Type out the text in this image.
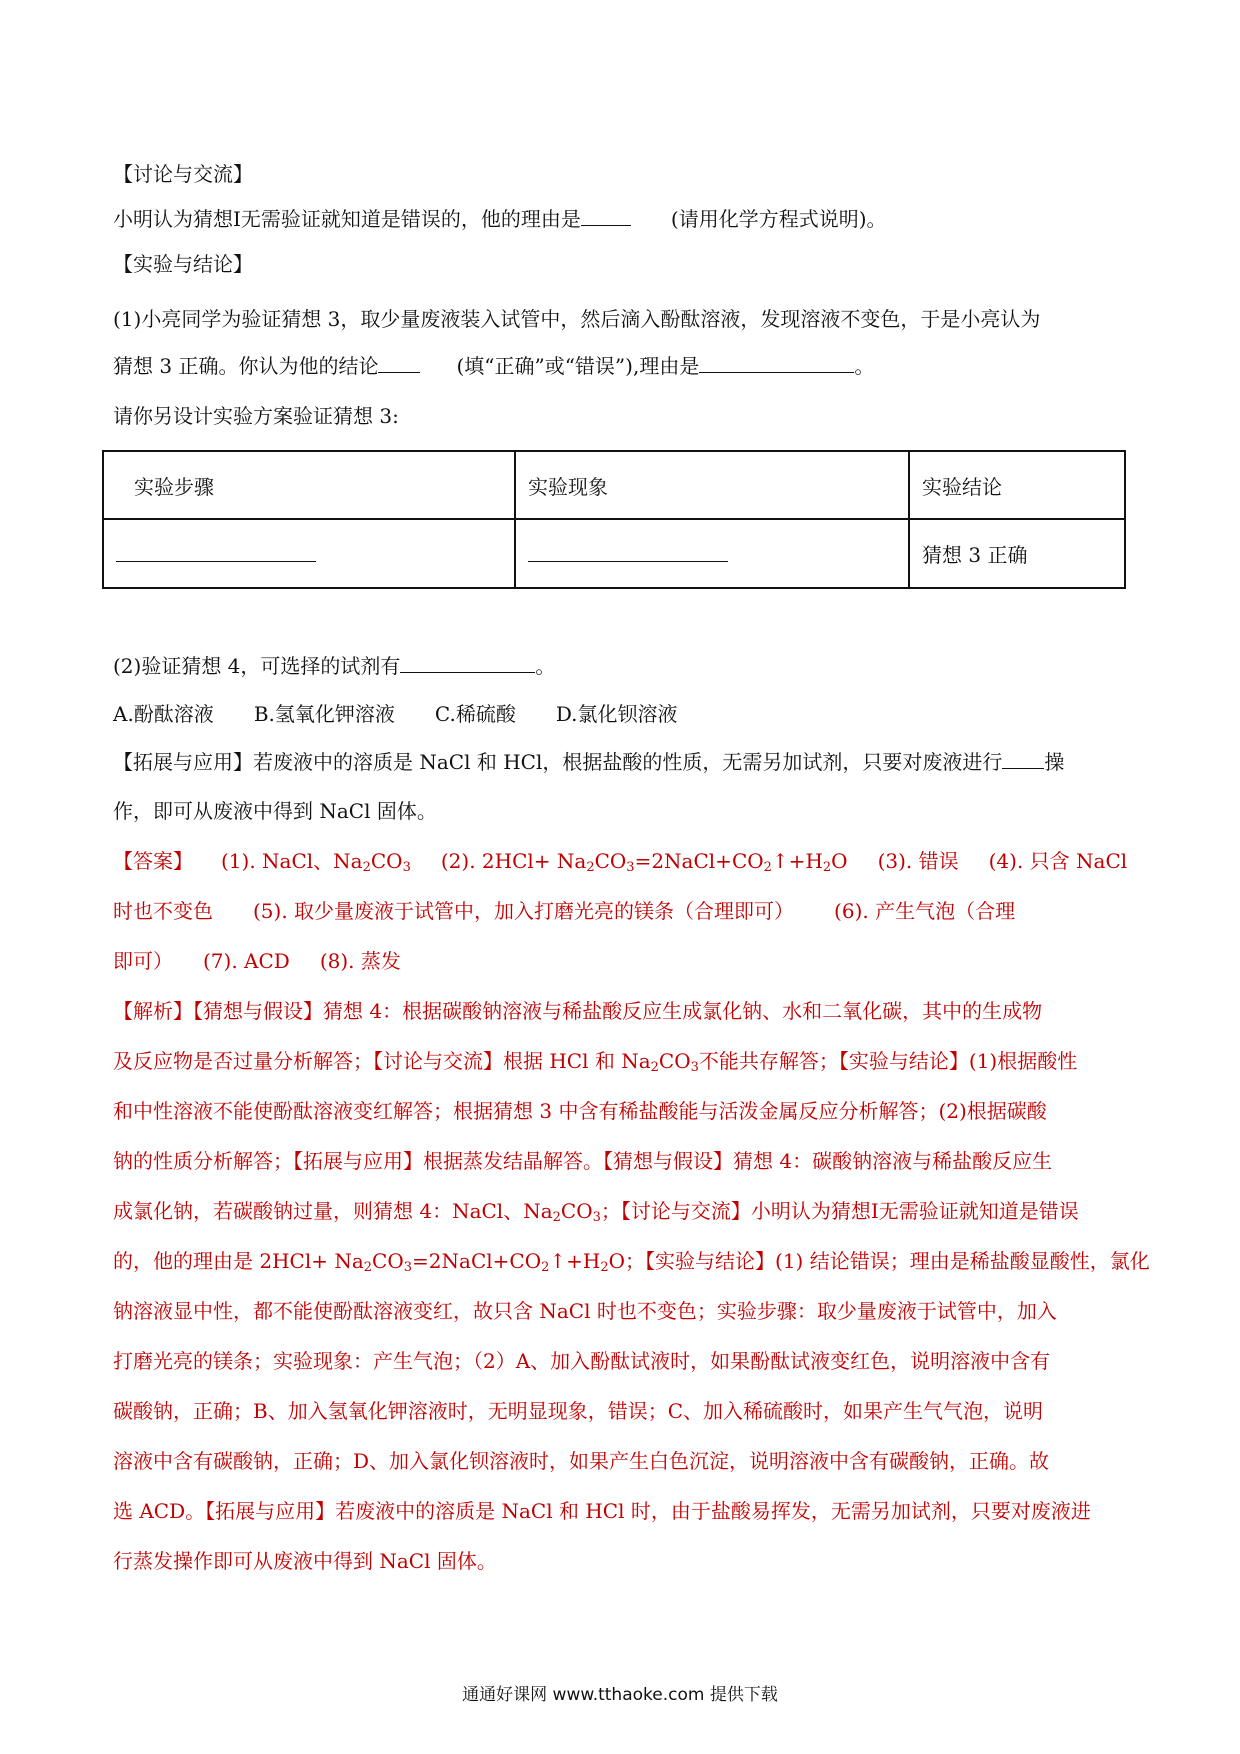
【讨论与交流】
小明认为猜想Ⅰ无需验证就知道是错误的，他的理由是	(请用化学方程式说明)。
【实验与结论】
(1)小亮同学为验证猜想 3，取少量废液装入试管中，然后滴入酚酞溶液，发现溶液不变色，于是小亮认为
猜想 3 正确。你认为他的结论	(填“正确”或“错误”),理由是	。
请你另设计实验方案验证猜想 3:
实验步骤	实验现象	实验结论
		猜想 3 正确
(2)验证猜想 4，可选择的试剂有	。
A.酚酞溶液 B.氢氧化钾溶液 C.稀硫酸 D.氯化钡溶液
【拓展与应用】若废液中的溶质是 NaCl 和 HCl，根据盐酸的性质，无需另加试剂，只要对废液进行 操
作，即可从废液中得到 NaCl 固体。
【答案】 (1). NaCl、$Na_2CO_3$ (2). $2HCl+ Na_2CO_3=2NaCl+CO_2↑+H_2O$ (3). 错误 (4). 只含 NaCl
时也不变色 (5). 取少量废液于试管中，加入打磨光亮的镁条（合理即可） (6). 产生气泡（合理
即可） (7). ACD (8). 蒸发
【解析】【猜想与假设】猜想 4：根据碳酸钠溶液与稀盐酸反应生成氯化钠、水和二氧化碳，其中的生成物
及反应物是否过量分析解答；【讨论与交流】根据 HCl 和 $Na_2CO_3$不能共存解答；【实验与结论】(1)根据酸性
和中性溶液不能使酚酞溶液变红解答；根据猜想 3 中含有稀盐酸能与活泼金属反应分析解答；(2)根据碳酸
钠的性质分析解答；【拓展与应用】根据蒸发结晶解答。【猜想与假设】猜想 4：碳酸钠溶液与稀盐酸反应生
成氯化钠，若碳酸钠过量，则猜想 4：NaCl、$Na_2CO_3$；【讨论与交流】小明认为猜想Ⅰ无需验证就知道是错误
的，他的理由是 $2HCl+ Na_2CO_3=2NaCl+CO_2↑+H_2O$；【实验与结论】(1) 结论错误；理由是稀盐酸显酸性，氯化
钠溶液显中性，都不能使酚酞溶液变红，故只含 NaCl 时也不变色；实验步骤：取少量废液于试管中，加入
打磨光亮的镁条；实验现象：产生气泡；（2）A、加入酚酞试液时，如果酚酞试液变红色，说明溶液中含有
碳酸钠，正确；B、加入氢氧化钾溶液时，无明显现象，错误；C、加入稀硫酸时，如果产生气气泡，说明
溶液中含有碳酸钠，正确；D、加入氯化钡溶液时，如果产生白色沉淀，说明溶液中含有碳酸钠，正确。故
选 ACD。【拓展与应用】若废液中的溶质是 NaCl 和 HCl 时，由于盐酸易挥发，无需另加试剂，只要对废液进
行蒸发操作即可从废液中得到 NaCl 固体。
通通好课网 www.tthaoke.com 提供下载
